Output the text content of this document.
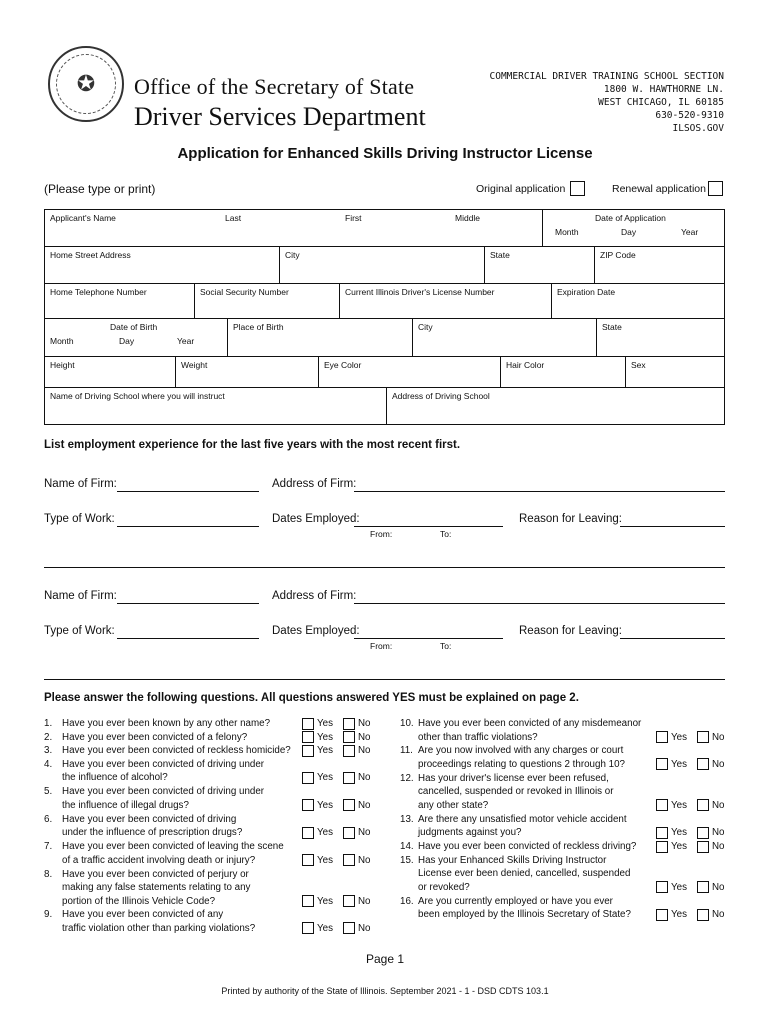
✪ Office of the Secretary of State
Driver Services Department
COMMERCIAL DRIVER TRAINING SCHOOL SECTION
1800 W. HAWTHORNE LN.
WEST CHICAGO, IL 60185
630-520-9310
ILSOS.GOV
Application for Enhanced Skills Driving Instructor License
(Please type or print)	Original application	Renewal application
Applicant's Name	Last	First	Middle	Date of Application
Month	Day	Year
Home Street Address	City	State	ZIP Code
Home Telephone Number	Social Security Number	Current Illinois Driver's License Number	Expiration Date
Date of Birth
Month	Day	Year
Place of Birth	City	State
Height	Weight	Eye Color	Hair Color	Sex
Name of Driving School where you will instruct	Address of Driving School
List employment experience for the last five years with the most recent first.
Name of Firm:	Address of Firm:
Type of Work:	Dates Employed:
From:	To:
Reason for Leaving:
Name of Firm:	Address of Firm:
Type of Work:	Dates Employed:
From:	To:
Reason for Leaving:
Please answer the following questions. All questions answered YES must be explained on page 2.
1. Have you ever been known by any other name?	Yes	No
2. Have you ever been convicted of a felony?	Yes	No
3. Have you ever been convicted of reckless homicide?	Yes	No
4. Have you ever been convicted of driving under
the influence of alcohol?	Yes	No
5. Have you ever been convicted of driving under
the influence of illegal drugs?	Yes	No
6. Have you ever been convicted of driving
under the influence of prescription drugs?	Yes	No
7. Have you ever been convicted of leaving the scene
of a traffic accident involving death or injury?	Yes	No
8. Have you ever been convicted of perjury or
making any false statements relating to any
portion of the Illinois Vehicle Code?	Yes	No
9. Have you ever been convicted of any
traffic violation other than parking violations?	Yes	No
10. Have you ever been convicted of any misdemeanor
other than traffic violations?	Yes	No
11. Are you now involved with any charges or court
proceedings relating to questions 2 through 10?	Yes	No
12. Has your driver's license ever been refused,
cancelled, suspended or revoked in Illinois or
any other state?	Yes	No
13. Are there any unsatisfied motor vehicle accident
judgments against you?	Yes	No
14. Have you ever been convicted of reckless driving?	Yes	No
15. Has your Enhanced Skills Driving Instructor
License ever been denied, cancelled, suspended
or revoked?	Yes	No
16. Are you currently employed or have you ever
been employed by the Illinois Secretary of State?	Yes	No
Page 1
Printed by authority of the State of Illinois. September 2021 - 1 - DSD CDTS 103.1
